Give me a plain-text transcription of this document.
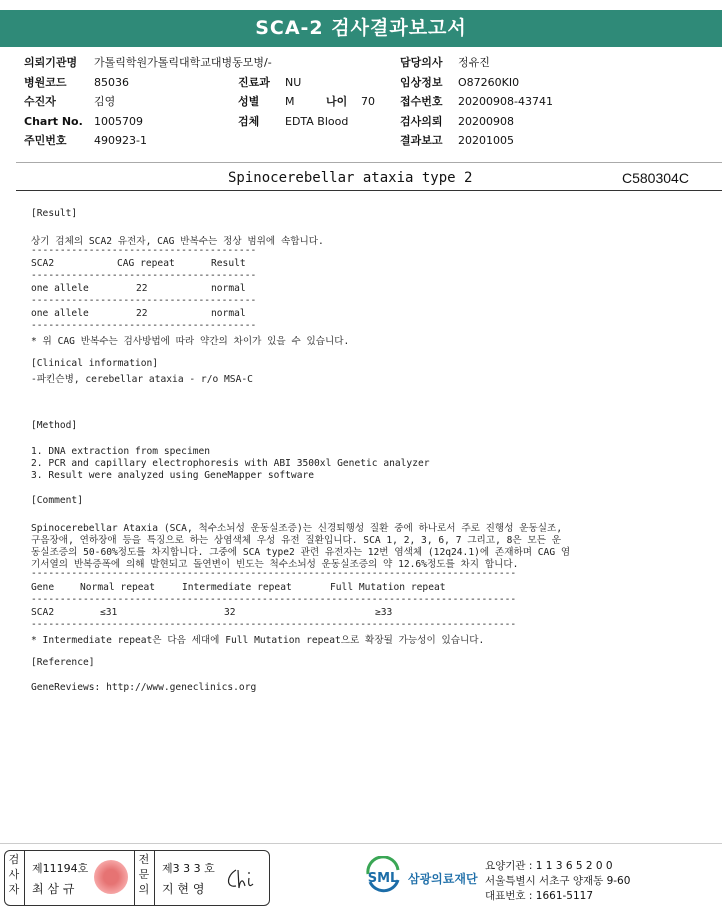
SCA-2 검사결과보고서
의뢰기관명 가톨릭학원가톨릭대학교대병동모병/-
병원코드 85036
수진자	김영
Chart No. 1005709
주민번호 490923-1
진료과 NU
성별 M	나이 70
검체 EDTA Blood
담당의사 정유진
임상정보 O87260KI0
접수번호 20200908-43741
검사의뢰 20200908
결과보고 20201005
Spinocerebellar ataxia type 2	C580304C
[Result]
상기 검체의 SCA2 유전자, CAG 반복수는 정상 범위에 속합니다.
---------------------------------------
SCA2	CAG repeat	Result
---------------------------------------
one allele	22	normal
---------------------------------------
one allele	22	normal
---------------------------------------
* 위 CAG 반복수는 검사방법에 따라 약간의 차이가 있을 수 있습니다.
[Clinical information]
-파킨슨병, cerebellar ataxia - r/o MSA-C
[Method]
1. DNA extraction from specimen
2. PCR and capillary electrophoresis with ABI 3500xl Genetic analyzer
3. Result were analyzed using GeneMapper software
[Comment]
Spinocerebellar Ataxia (SCA, 척수소뇌성 운동실조증)는 신경퇴행성 질환 중에 하나로서 주로 진행성 운동실조,
구음장애, 연하장애 등을 특징으로 하는 상염색체 우성 유전 질환입니다. SCA 1, 2, 3, 6, 7 그리고, 8은 모든 운
동실조증의 50-60%정도를 차지합니다. 그중에 SCA type2 관련 유전자는 12번 염색체 (12q24.1)에 존재하며 CAG 염
기서열의 반복증폭에 의해 발현되고 돌연변이 빈도는 척수소뇌성 운동실조증의 약 12.6%정도를 차지 합니다.
------------------------------------------------------------------------------------
Gene	Normal repeat	Intermediate repeat	Full Mutation repeat
------------------------------------------------------------------------------------
SCA2	≤31	32	≥33
------------------------------------------------------------------------------------
* Intermediate repeat은 다음 세대에 Full Mutation repeat으로 확장될 가능성이 있습니다.
[Reference]
GeneReviews: http://www.geneclinics.org
검
사
자
제11194호
최 삼 규
전
문
의
제3 3 3 호
지 현 영
SML 삼광의료재단
요양기관 : 1 1 3 6 5 2 0 0
서울특별시 서초구 양재동 9-60
대표번호 : 1661-5117
